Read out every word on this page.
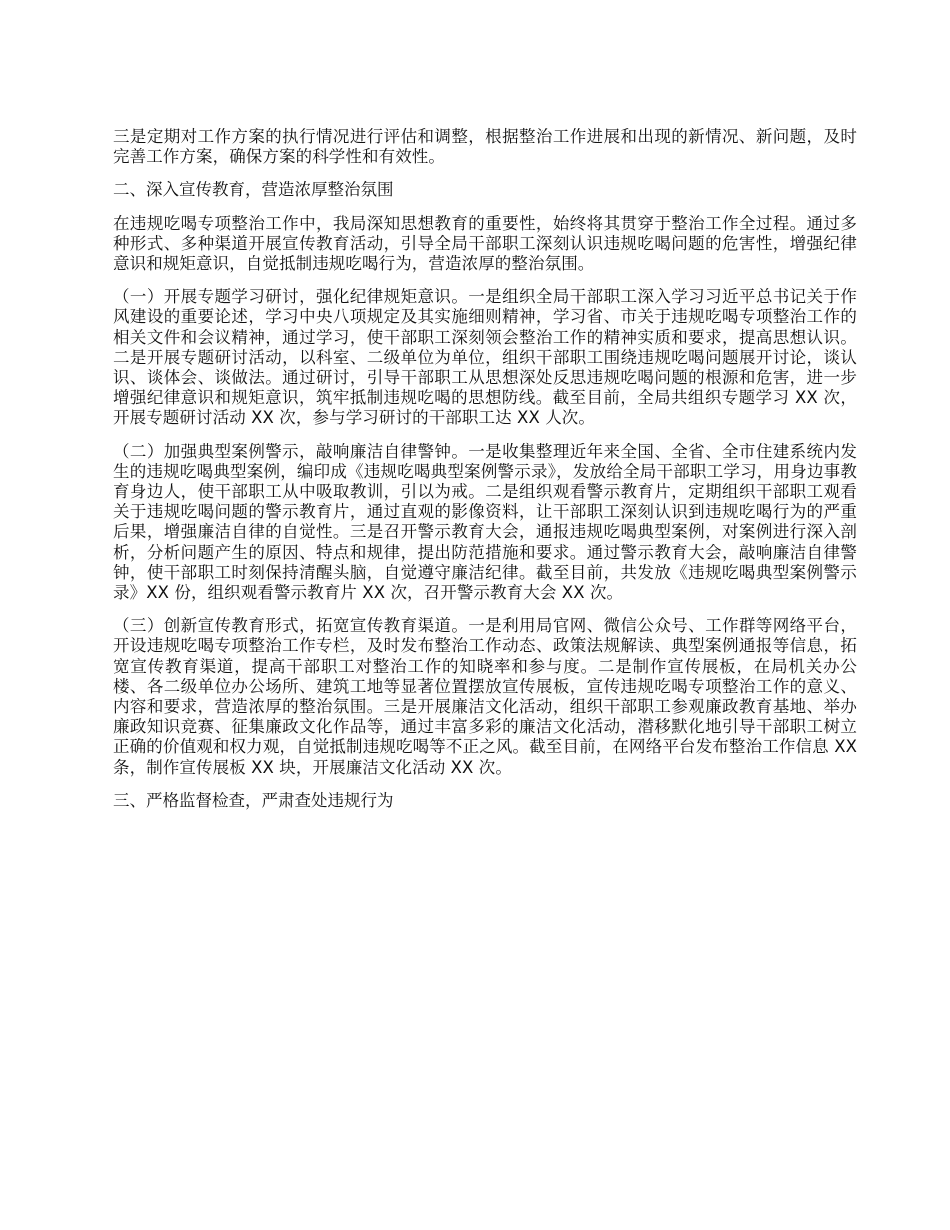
三是定期对工作方案的执行情况进行评估和调整，根据整治工作进展和出现的新情况、新问题，及时完善工作方案，确保方案的科学性和有效性。

二、深入宣传教育，营造浓厚整治氛围

在违规吃喝专项整治工作中，我局深知思想教育的重要性，始终将其贯穿于整治工作全过程。通过多种形式、多种渠道开展宣传教育活动，引导全局干部职工深刻认识违规吃喝问题的危害性，增强纪律意识和规矩意识，自觉抵制违规吃喝行为，营造浓厚的整治氛围。

（一）开展专题学习研讨，强化纪律规矩意识。一是组织全局干部职工深入学习习近平总书记关于作风建设的重要论述，学习中央八项规定及其实施细则精神，学习省、市关于违规吃喝专项整治工作的相关文件和会议精神，通过学习，使干部职工深刻领会整治工作的精神实质和要求，提高思想认识。二是开展专题研讨活动，以科室、二级单位为单位，组织干部职工围绕违规吃喝问题展开讨论，谈认识、谈体会、谈做法。通过研讨，引导干部职工从思想深处反思违规吃喝问题的根源和危害，进一步增强纪律意识和规矩意识，筑牢抵制违规吃喝的思想防线。截至目前，全局共组织专题学习 XX 次，开展专题研讨活动 XX 次，参与学习研讨的干部职工达 XX 人次。

（二）加强典型案例警示，敲响廉洁自律警钟。一是收集整理近年来全国、全省、全市住建系统内发生的违规吃喝典型案例，编印成《违规吃喝典型案例警示录》，发放给全局干部职工学习，用身边事教育身边人，使干部职工从中吸取教训，引以为戒。二是组织观看警示教育片，定期组织干部职工观看关于违规吃喝问题的警示教育片，通过直观的影像资料，让干部职工深刻认识到违规吃喝行为的严重后果，增强廉洁自律的自觉性。三是召开警示教育大会，通报违规吃喝典型案例，对案例进行深入剖析，分析问题产生的原因、特点和规律，提出防范措施和要求。通过警示教育大会，敲响廉洁自律警钟，使干部职工时刻保持清醒头脑，自觉遵守廉洁纪律。截至目前，共发放《违规吃喝典型案例警示录》XX 份，组织观看警示教育片 XX 次，召开警示教育大会 XX 次。

（三）创新宣传教育形式，拓宽宣传教育渠道。一是利用局官网、微信公众号、工作群等网络平台，开设违规吃喝专项整治工作专栏，及时发布整治工作动态、政策法规解读、典型案例通报等信息，拓宽宣传教育渠道，提高干部职工对整治工作的知晓率和参与度。二是制作宣传展板，在局机关办公楼、各二级单位办公场所、建筑工地等显著位置摆放宣传展板，宣传违规吃喝专项整治工作的意义、内容和要求，营造浓厚的整治氛围。三是开展廉洁文化活动，组织干部职工参观廉政教育基地、举办廉政知识竞赛、征集廉政文化作品等，通过丰富多彩的廉洁文化活动，潜移默化地引导干部职工树立正确的价值观和权力观，自觉抵制违规吃喝等不正之风。截至目前，在网络平台发布整治工作信息 XX 条，制作宣传展板 XX 块，开展廉洁文化活动 XX 次。

三、严格监督检查，严肃查处违规行为
